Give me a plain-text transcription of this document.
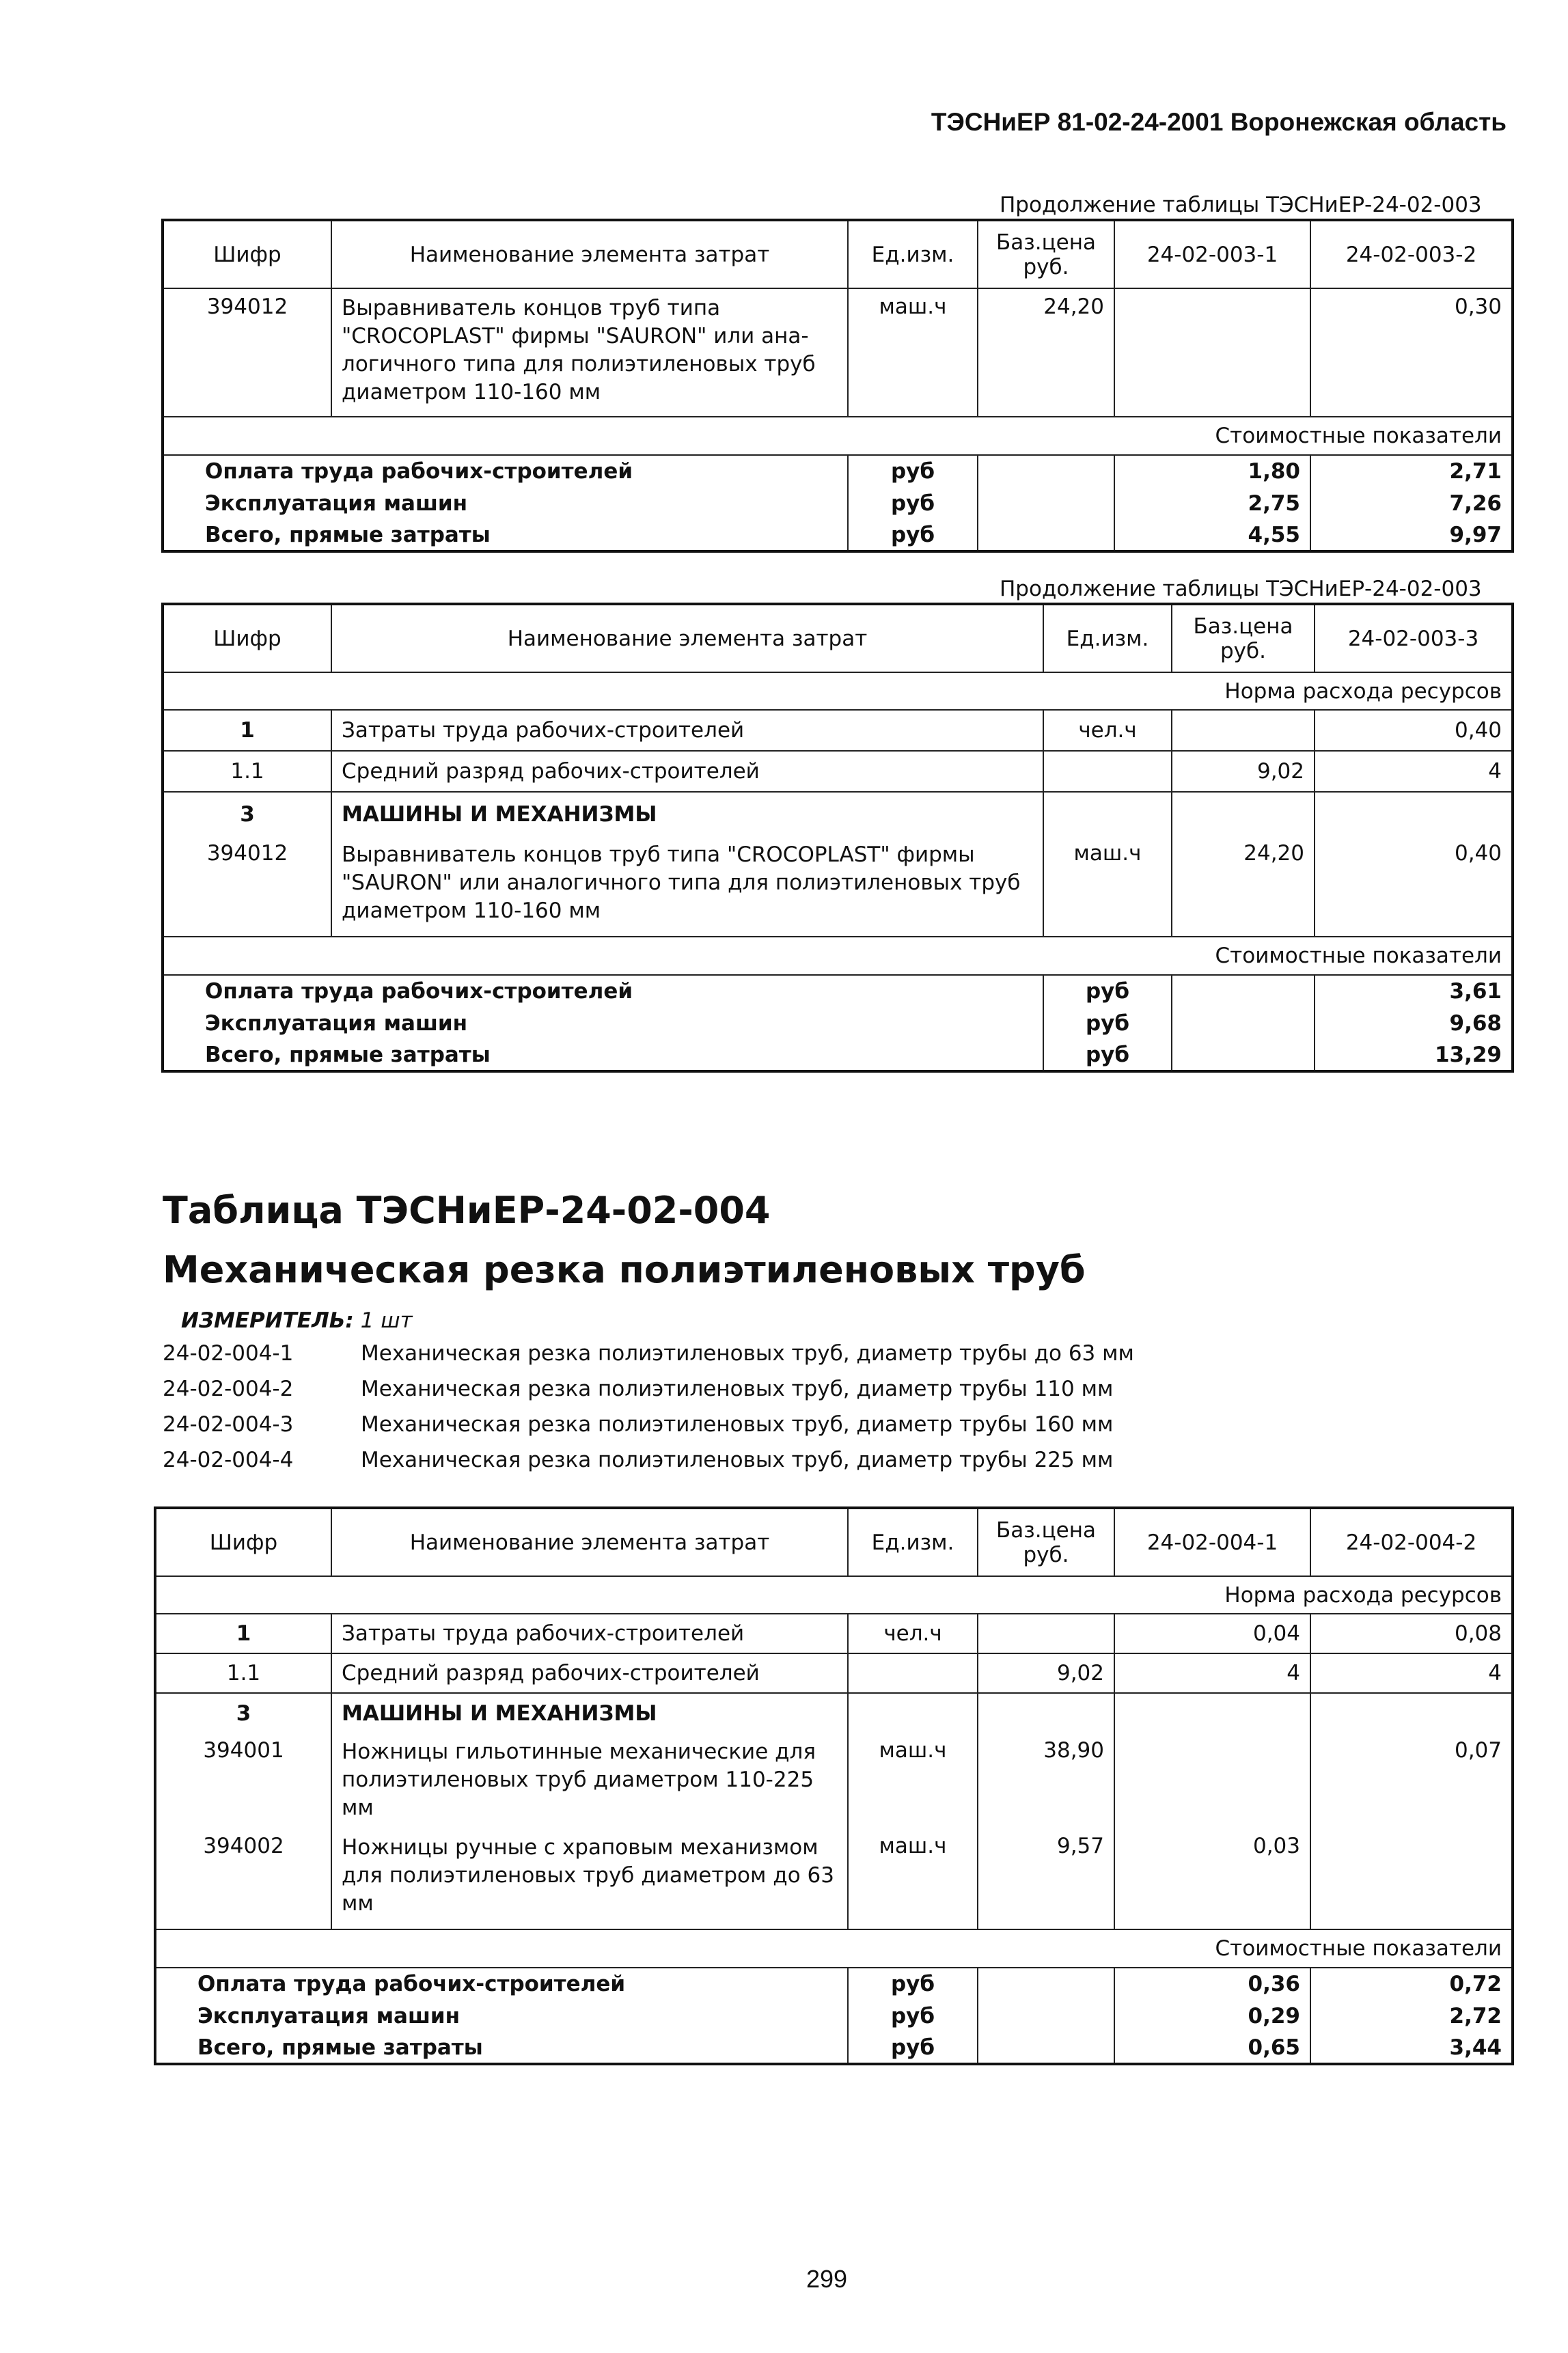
ТЭСНиЕР 81-02-24-2001 Воронежская область
Продолжение таблицы ТЭСНиЕР-24-02-003
Шифр	Наименование элемента затрат	Ед.изм.	Баз.цена руб.	24-02-003-1	24-02-003-2
394012	Выравниватель концов труб типа "CROCOPLAST" фирмы "SAURON" или ана-логичного типа для полиэтиленовых труб диаметром 110-160 мм	маш.ч	24,20		0,30
Стоимостные показатели					
Оплата труда рабочих-строителей		руб		1,80	2,71
Эксплуатация машин		руб		2,75	7,26
Всего, прямые затраты		руб		4,55	9,97
Продолжение таблицы ТЭСНиЕР-24-02-003
Шифр	Наименование элемента затрат	Ед.изм.	Баз.цена руб.	24-02-003-3
Норма расхода ресурсов				
1	Затраты труда рабочих-строителей	чел.ч		0,40
1.1	Средний разряд рабочих-строителей		9,02	4
3	МАШИНЫ И МЕХАНИЗМЫ			
394012	Выравниватель концов труб типа "CROCOPLAST" фирмы "SAURON" или аналогичного типа для полиэтиленовых труб диаметром 110-160 мм	маш.ч	24,20	0,40
Стоимостные показатели				
Оплата труда рабочих-строителей		руб		3,61
Эксплуатация машин		руб		9,68
Всего, прямые затраты		руб		13,29
Таблица ТЭСНиЕР-24-02-004
Механическая резка полиэтиленовых труб
ИЗМЕРИТЕЛЬ: 1 шт
24-02-004-1	Механическая резка полиэтиленовых труб, диаметр трубы до 63 мм
24-02-004-2	Механическая резка полиэтиленовых труб, диаметр трубы 110 мм
24-02-004-3	Механическая резка полиэтиленовых труб, диаметр трубы 160 мм
24-02-004-4	Механическая резка полиэтиленовых труб, диаметр трубы 225 мм
Шифр	Наименование элемента затрат	Ед.изм.	Баз.цена руб.	24-02-004-1	24-02-004-2
Норма расхода ресурсов					
1	Затраты труда рабочих-строителей	чел.ч		0,04	0,08
1.1	Средний разряд рабочих-строителей		9,02	4	4
3	МАШИНЫ И МЕХАНИЗМЫ				
394001	Ножницы гильотинные механические для полиэтиленовых труб диаметром 110-225 мм	маш.ч	38,90		0,07
394002	Ножницы ручные с храповым механизмом для полиэтиленовых труб диаметром до 63 мм	маш.ч	9,57	0,03	
Стоимостные показатели					
Оплата труда рабочих-строителей		руб		0,36	0,72
Эксплуатация машин		руб		0,29	2,72
Всего, прямые затраты		руб		0,65	3,44
299
